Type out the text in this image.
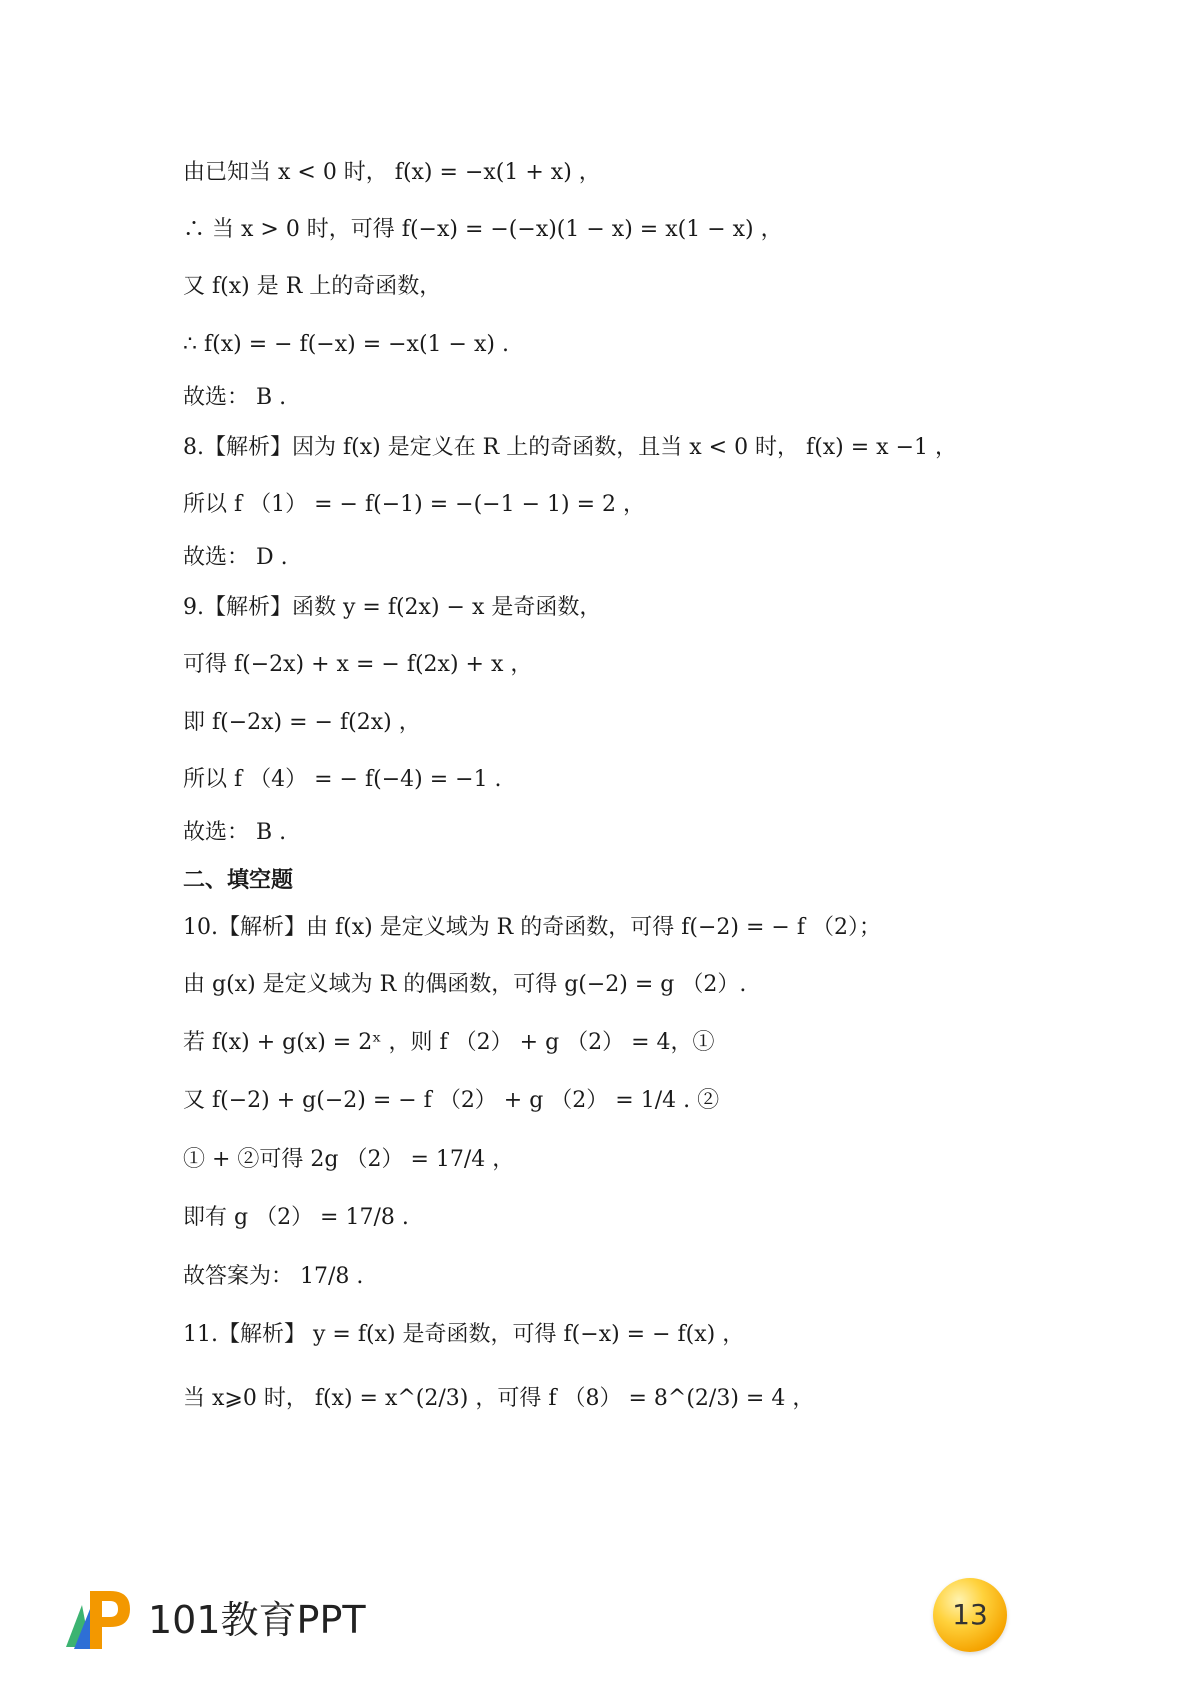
由已知当 x < 0 时， f(x) = −x(1 + x) ，
∴ 当 x > 0 时，可得 f(−x) = −(−x)(1 − x) = x(1 − x) ，
又 f(x) 是 R 上的奇函数，
∴ f(x) = − f(−x) = −x(1 − x) .
故选： B .
8.【解析】因为 f(x) 是定义在 R 上的奇函数，且当 x < 0 时， f(x) = x −1 ，
所以 f （1） = − f(−1) = −(−1 − 1) = 2 ，
故选： D .
9.【解析】函数 y = f(2x) − x 是奇函数，
可得 f(−2x) + x = − f(2x) + x ，
即 f(−2x) = − f(2x) ，
所以 f （4） = − f(−4) = −1 .
故选： B .
二、填空题
10.【解析】由 f(x) 是定义域为 R 的奇函数，可得 f(−2) = − f （2）；
由 g(x) 是定义域为 R 的偶函数，可得 g(−2) = g （2）.
若 f(x) + g(x) = 2ˣ ，则 f （2） + g （2） = 4，①
又 f(−2) + g(−2) = − f （2） + g （2） = 1/4 . ②
① + ②可得 2g （2） = 17/4 ，
即有 g （2） = 17/8 .
故答案为： 17/8 .
11.【解析】 y = f(x) 是奇函数，可得 f(−x) = − f(x) ，
当 x⩾0 时， f(x) = x^(2/3) ，可得 f （8） = 8^(2/3) = 4 ，
101教育PPT	13
